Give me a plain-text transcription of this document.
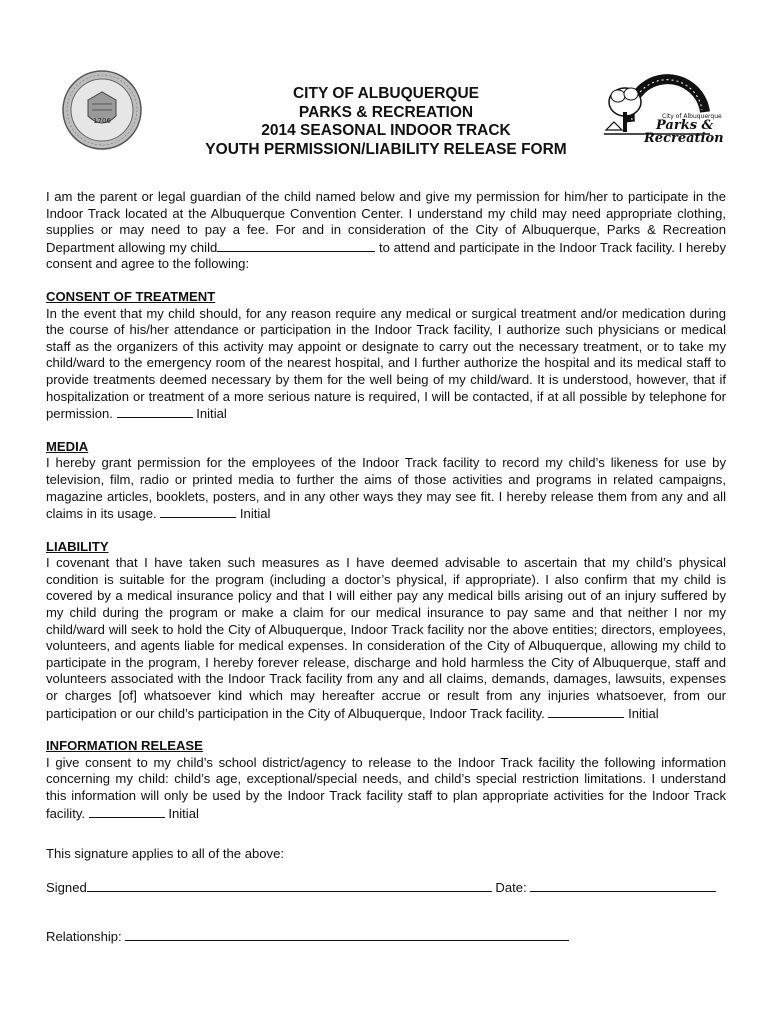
1706
City of Albuquerque
Parks &
Recreation
CITY OF ALBUQUERQUE
PARKS & RECREATION
2014 SEASONAL INDOOR TRACK
YOUTH PERMISSION/LIABILITY RELEASE FORM

I am the parent or legal guardian of the child named below and give my permission for him/her to participate in the Indoor Track located at the Albuquerque Convention Center. I understand my child may need appropriate clothing, supplies or may need to pay a fee. For and in consideration of the City of Albuquerque, Parks & Recreation Department allowing my child	to attend and participate in the Indoor Track facility. I hereby consent and agree to the following:

CONSENT OF TREATMENT

In the event that my child should, for any reason require any medical or surgical treatment and/or medication during the course of his/her attendance or participation in the Indoor Track facility, I authorize such physicians or medical staff as the organizers of this activity may appoint or designate to carry out the necessary treatment, or to take my child/ward to the emergency room of the nearest hospital, and I further authorize the hospital and its medical staff to provide treatments deemed necessary by them for the well being of my child/ward. It is understood, however, that if hospitalization or treatment of a more serious nature is required, I will be contacted, if at all possible by telephone for permission.	Initial

MEDIA

I hereby grant permission for the employees of the Indoor Track facility to record my child’s likeness for use by television, film, radio or printed media to further the aims of those activities and programs in related campaigns, magazine articles, booklets, posters, and in any other ways they may see fit. I hereby release them from any and all claims in its usage.	Initial

LIABILITY

I covenant that I have taken such measures as I have deemed advisable to ascertain that my child’s physical condition is suitable for the program (including a doctor’s physical, if appropriate). I also confirm that my child is covered by a medical insurance policy and that I will either pay any medical bills arising out of an injury suffered by my child during the program or make a claim for our medical insurance to pay same and that neither I nor my child/ward will seek to hold the City of Albuquerque, Indoor Track facility nor the above entities; directors, employees, volunteers, and agents liable for medical expenses. In consideration of the City of Albuquerque, allowing my child to participate in the program, I hereby forever release, discharge and hold harmless the City of Albuquerque, staff and volunteers associated with the Indoor Track facility from any and all claims, demands, damages, lawsuits, expenses or charges [of] whatsoever kind which may hereafter accrue or result from any injuries whatsoever, from our participation or our child’s participation in the City of Albuquerque, Indoor Track facility.	Initial

INFORMATION RELEASE

I give consent to my child’s school district/agency to release to the Indoor Track facility the following information concerning my child: child’s age, exceptional/special needs, and child’s special restriction limitations. I understand this information will only be used by the Indoor Track facility staff to plan appropriate activities for the Indoor Track facility.	Initial

This signature applies to all of the above:
Signed	Date:
Relationship:
